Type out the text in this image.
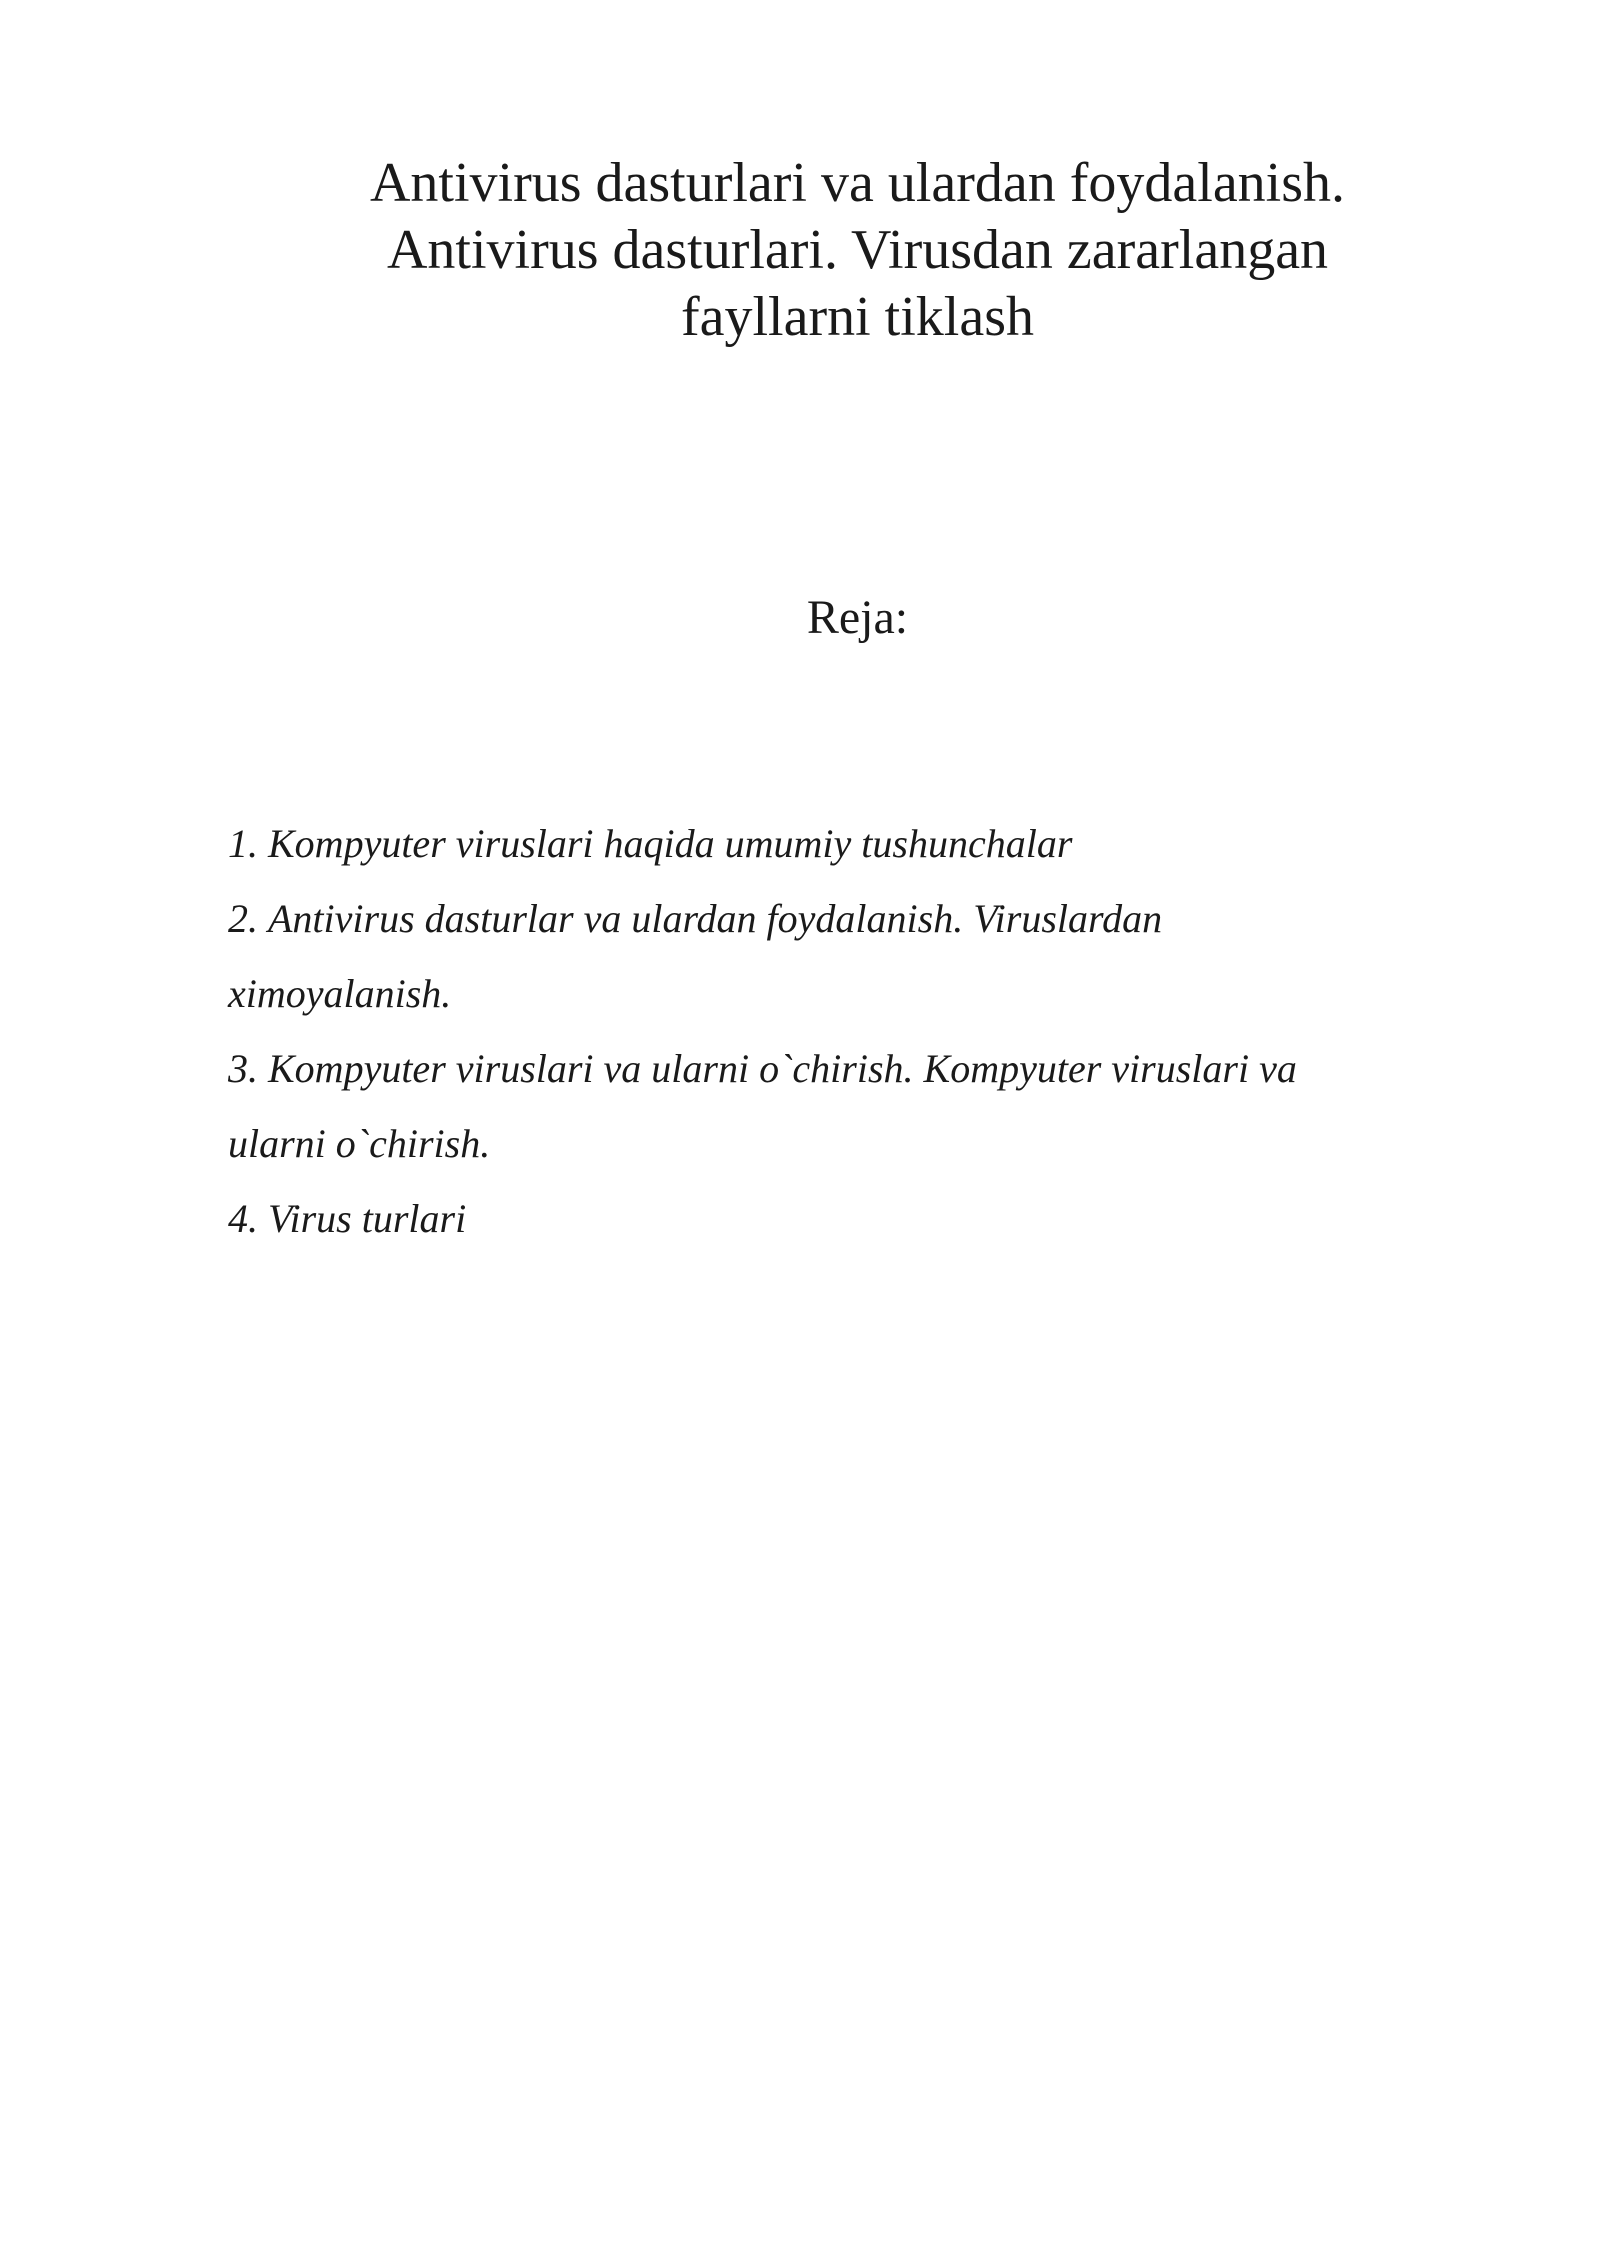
Antivirus dasturlari va ulardan foydalanish.
Antivirus dasturlari. Virusdan zararlangan
fayllarni tiklash
Reja:
1. Kompyuter viruslari haqida umumiy tushunchalar
2. Antivirus dasturlar va ulardan foydalanish. Viruslardan
ximoyalanish.
3. Kompyuter viruslari va ularni o`chirish. Kompyuter viruslari va
ularni o`chirish.
4. Virus turlari
